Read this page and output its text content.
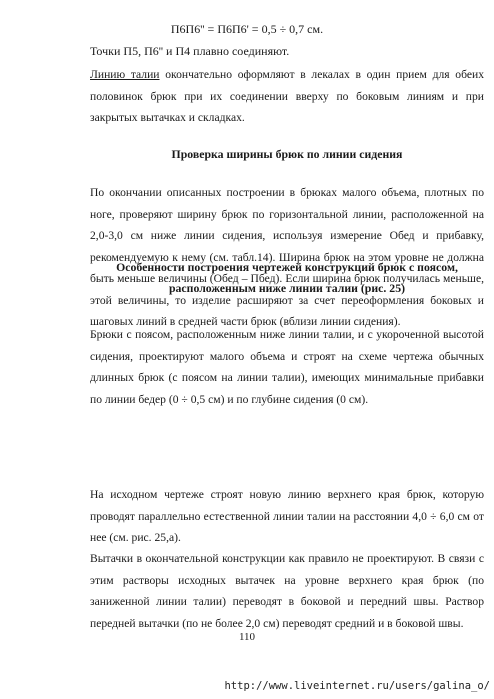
П6П6'' = П6П6' = 0,5 ÷ 0,7 см.
Точки П5, П6'' и П4 плавно соединяют.
Линию талии окончательно оформляют в лекалах в один прием для обеих половинок брюк при их соединении вверху по боковым линиям и при закрытых вытачках и складках.
Проверка ширины брюк по линии сидения
По окончании описанных построении в брюках малого объема, плотных по ноге, проверяют ширину брюк по горизонтальной линии, расположенной на 2,0-3,0 см ниже линии сидения, используя измерение Обед и прибавку, рекомендуемую к нему (см. табл.14). Ширина брюк на этом уровне не должна быть меньше величины (Обед – Пбед). Если ширина брюк получилась меньше, этой величины, то изделие расширяют за счет переоформления боковых и шаговых линий в средней части брюк (вблизи линии сидения).
Особенности построения чертежей конструкций брюк с поясом, расположенным ниже линии талии (рис. 25)
Брюки с поясом, расположенным ниже линии талии, и с укороченной высотой сидения, проектируют малого объема и строят на схеме чертежа обычных длинных брюк (с поясом на линии талии), имеющих минимальные прибавки по линии бедер (0 ÷ 0,5 см) и по глубине сидения (0 см).
На исходном чертеже строят новую линию верхнего края брюк, которую проводят параллельно естественной линии талии на расстоянии 4,0 ÷ 6,0 см от нее (см. рис. 25,а).
Вытачки в окончательной конструкции как правило не проектируют. В связи с этим растворы исходных вытачек на уровне верхнего края брюк (по заниженной линии талии) переводят в боковой и передний швы. Раствор передней вытачки (по не более 2,0 см) переводят средний и в боковой швы.
110
http://www.liveinternet.ru/users/galina_o/
